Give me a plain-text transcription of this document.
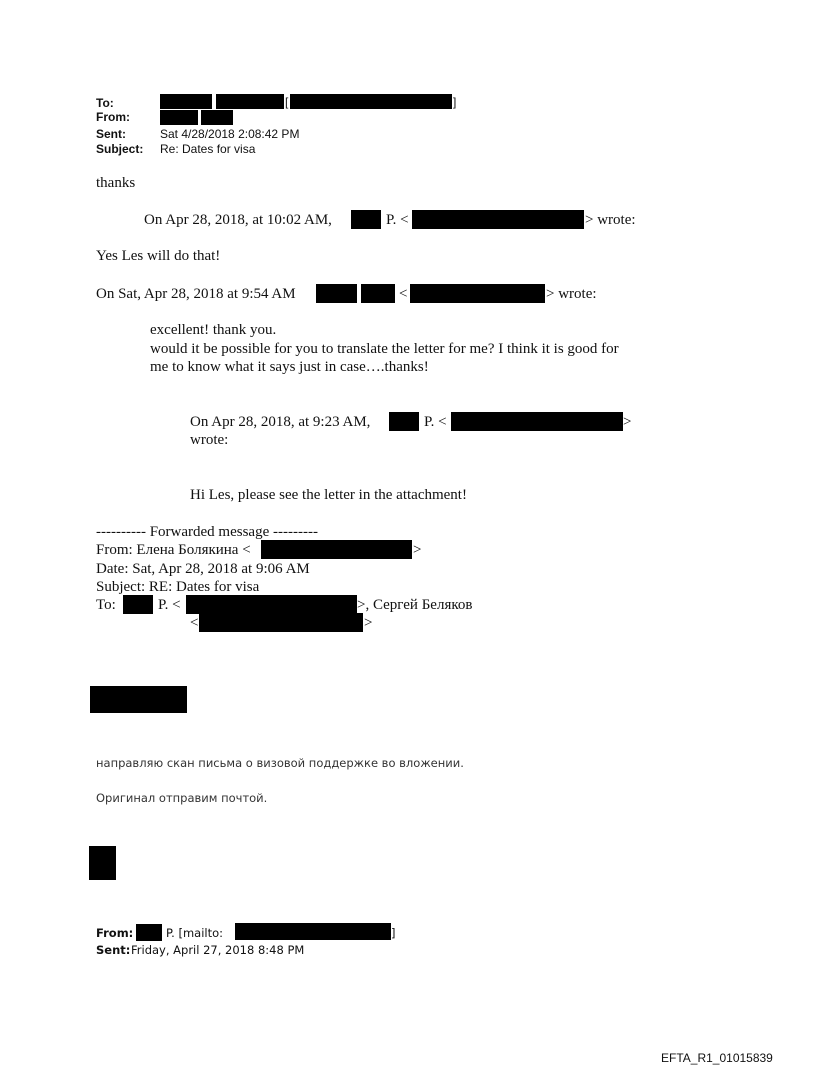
To:	[	]
From:
Sent:	Sat 4/28/2018 2:08:42 PM
Subject: Re: Dates for visa
thanks
On Apr 28, 2018, at 10:02 AM,	P. <	> wrote:
Yes Les will do that!
On Sat, Apr 28, 2018 at 9:54 AM	<	> wrote:
excellent! thank you.
would it be possible for you to translate the letter for me? I think it is good for
me to know what it says just in case….thanks!
On Apr 28, 2018, at 9:23 AM,	P. <	>
wrote:
Hi Les, please see the letter in the attachment!
---------- Forwarded message ---------
From: Елена Болякина <	>
Date: Sat, Apr 28, 2018 at 9:06 AM
Subject: RE: Dates for visa
To:	P. <	>, Сергей Беляков
<	>
направляю скан письма о визовой поддержке во вложении.
Оригинал отправим почтой.
From:	P. [mailto:	]
Sent: Friday, April 27, 2018 8:48 PM
EFTA_R1_01015839
